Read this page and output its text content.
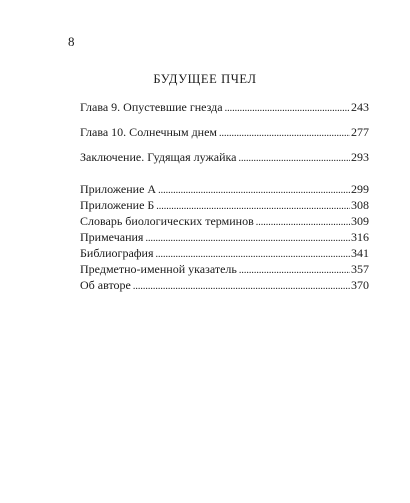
8
БУДУЩЕЕ ПЧЕЛ
Глава 9. Опустевшие гнезда .....	243
Глава 10. Солнечным днем .....	277
Заключение. Гудящая лужайка .....	293
Приложение А .....	299
Приложение Б .....	308
Словарь биологических терминов .....	309
Примечания .....	316
Библиография .....	341
Предметно-именной указатель .....	357
Об авторе .....	370
